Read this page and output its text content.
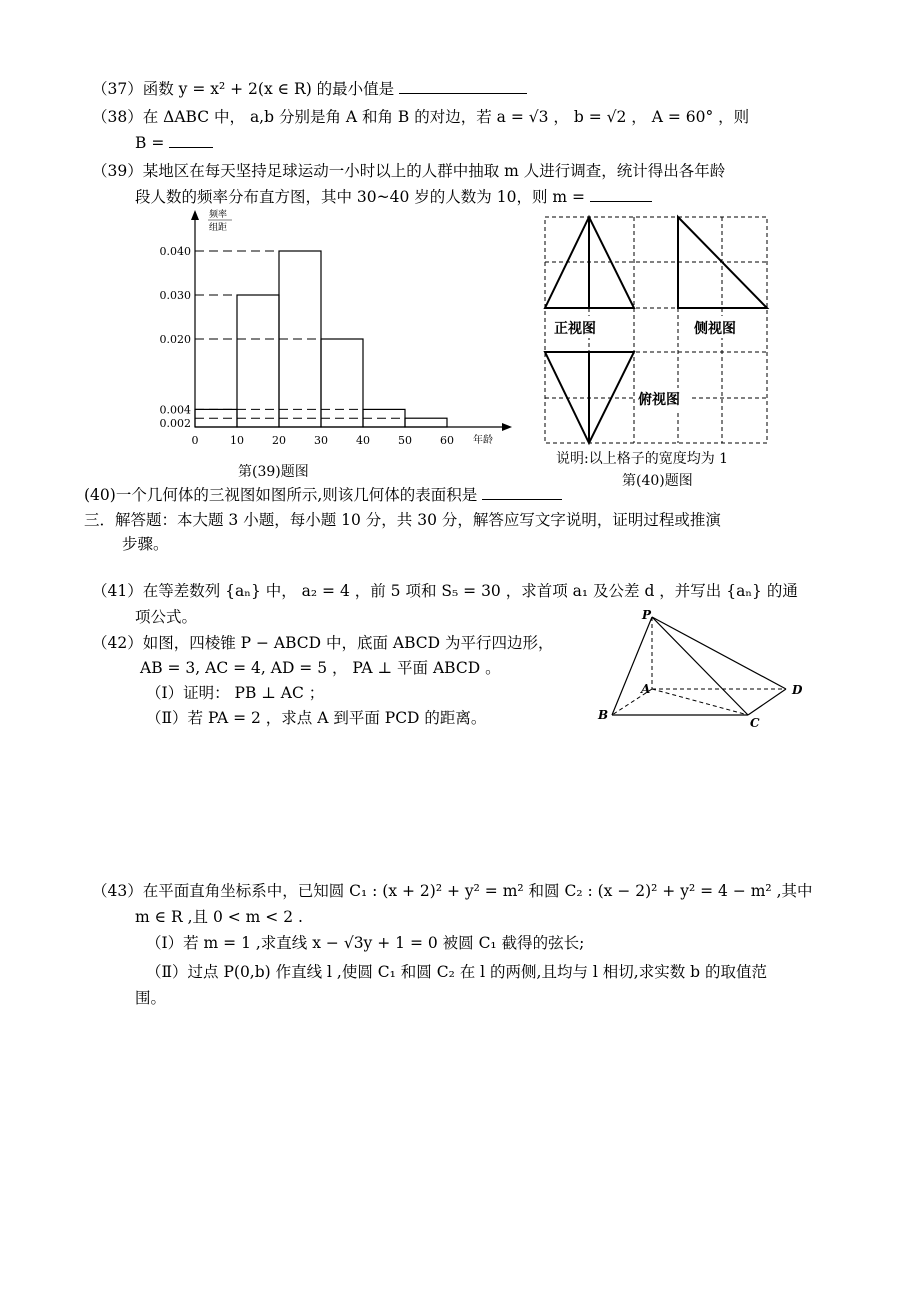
（37）函数 y = x² + 2(x ∈ R) 的最小值是
（38）在 ΔABC 中， a,b 分别是角 A 和角 B 的对边，若 a = √3 ， b = √2 ， A = 60° ，则
B =
（39）某地区在每天坚持足球运动一小时以上的人群中抽取 m 人进行调查，统计得出各年龄
段人数的频率分布直方图，其中 30~40 岁的人数为 10，则 m =
频率
组距
年龄
0.040
0.030
0.020
0.004
0.002
0	10	20	30	40	50	60
第(39)题图
正视图	侧视图
俯视图
说明:以上格子的宽度均为 1
第(40)题图
(40)一个几何体的三视图如图所示,则该几何体的表面积是
三．解答题：本大题 3 小题，每小题 10 分，共 30 分，解答应写文字说明，证明过程或推演
步骤。
（41）在等差数列 {aₙ} 中， a₂ = 4 ，前 5 项和 S₅ = 30 ，求首项 a₁ 及公差 d ，并写出 {aₙ} 的通
项公式。
（42）如图，四棱锥 P − ABCD 中，底面 ABCD 为平行四边形，
AB = 3, AC = 4, AD = 5 ， PA ⊥ 平面 ABCD 。
（Ⅰ）证明： PB ⊥ AC ；
（Ⅱ）若 PA = 2 ，求点 A 到平面 PCD 的距离。
P
A
B
C
D
（43）在平面直角坐标系中，已知圆 C₁ : (x + 2)² + y² = m² 和圆 C₂ : (x − 2)² + y² = 4 − m² ,其中
m ∈ R ,且 0 < m < 2 .
（Ⅰ）若 m = 1 ,求直线 x − √3y + 1 = 0 被圆 C₁ 截得的弦长;
（Ⅱ）过点 P(0,b) 作直线 l ,使圆 C₁ 和圆 C₂ 在 l 的两侧,且均与 l 相切,求实数 b 的取值范
围。
